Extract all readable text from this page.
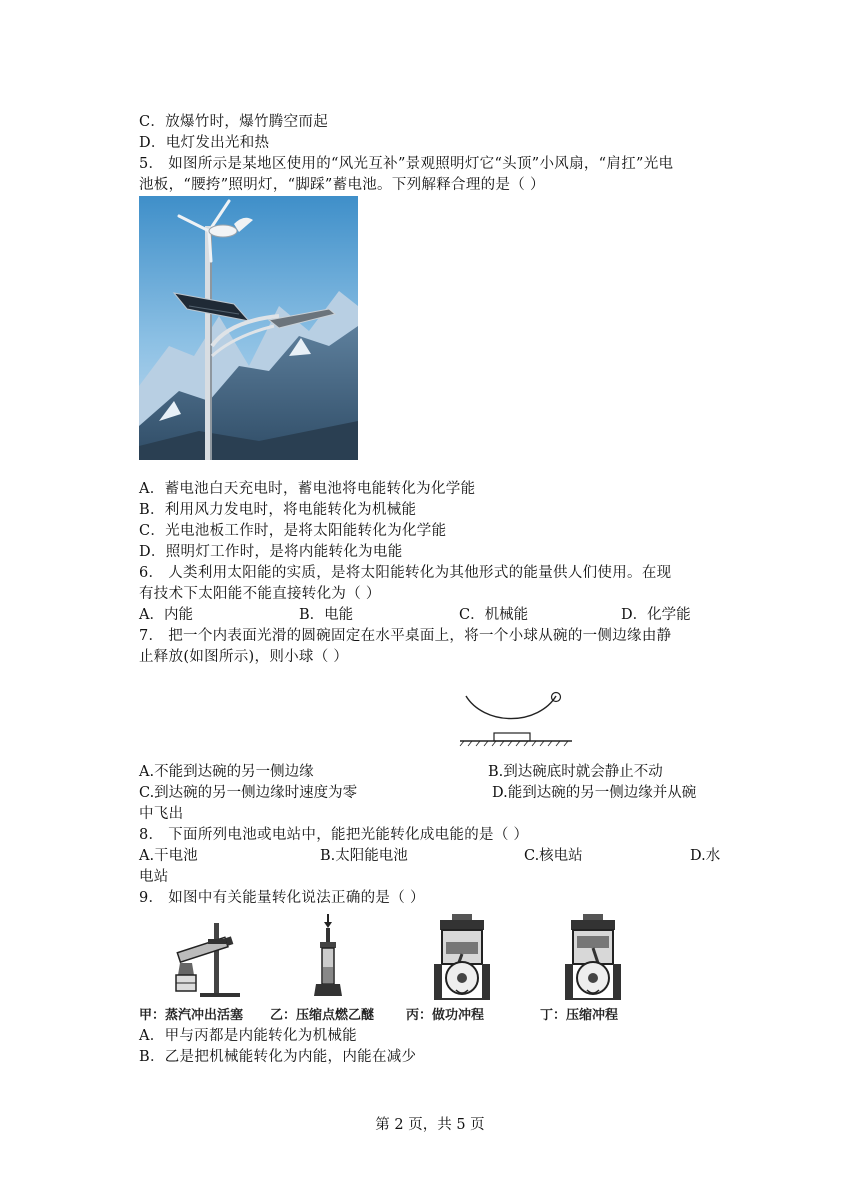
C．放爆竹时，爆竹腾空而起
D．电灯发出光和热
5． 如图所示是某地区使用的“风光互补”景观照明灯它“头顶”小风扇，“肩扛”光电
池板，“腰挎”照明灯，“脚踩”蓄电池。下列解释合理的是（ ）
A．蓄电池白天充电时，蓄电池将电能转化为化学能
B．利用风力发电时，将电能转化为机械能
C．光电池板工作时，是将太阳能转化为化学能
D．照明灯工作时，是将内能转化为电能
6． 人类利用太阳能的实质，是将太阳能转化为其他形式的能量供人们使用。在现
有技术下太阳能不能直接转化为（ ）
A．内能	B．电能	C．机械能	D．化学能
7． 把一个内表面光滑的圆碗固定在水平桌面上，将一个小球从碗的一侧边缘由静
止释放(如图所示)，则小球（ ）
A.不能到达碗的另一侧边缘	B.到达碗底时就会静止不动
C.到达碗的另一侧边缘时速度为零	D.能到达碗的另一侧边缘并从碗
中飞出
8． 下面所列电池或电站中，能把光能转化成电能的是（ ）
A.干电池	B.太阳能电池	C.核电站	D.水
电站
9． 如图中有关能量转化说法正确的是（ ）
甲：蒸汽冲出活塞 乙：压缩点燃乙醚 丙：做功冲程	丁：压缩冲程
A．甲与丙都是内能转化为机械能
B．乙是把机械能转化为内能，内能在减少
第 2 页，共 5 页
